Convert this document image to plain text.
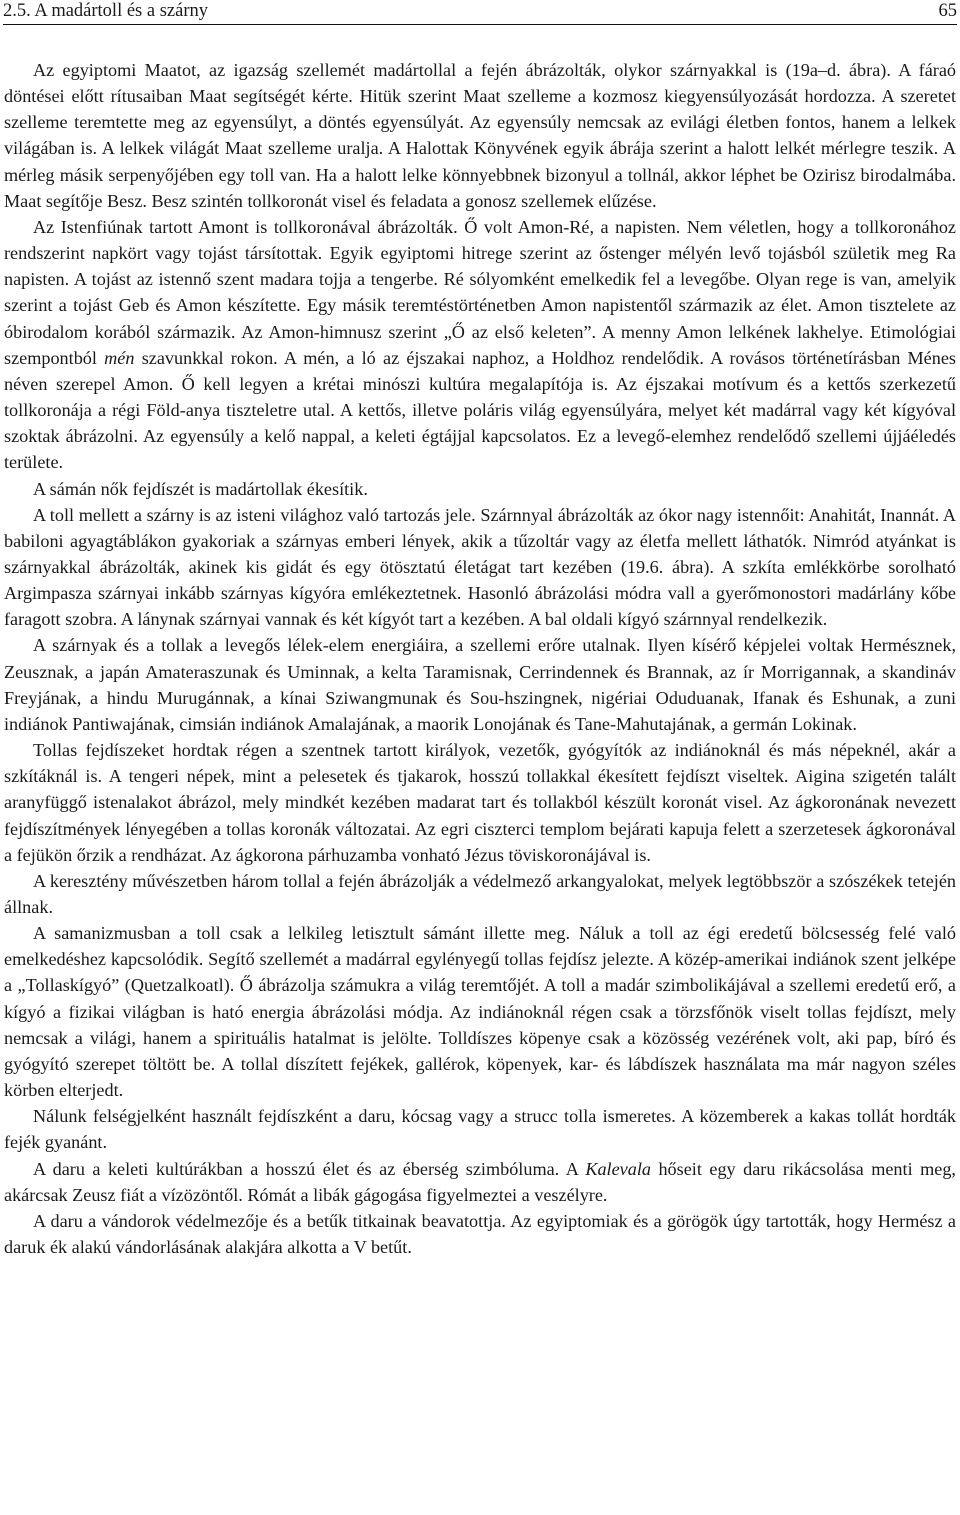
2.5. A madártoll és a szárny	65

Az egyiptomi Maatot, az igazság szellemét madártollal a fején ábrázolták, olykor szárnyakkal is (19a–d. ábra). A fáraó döntései előtt rítusaiban Maat segítségét kérte. Hitük szerint Maat szelleme a kozmosz kiegyensúlyozását hordozza. A szeretet szelleme teremtette meg az egyensúlyt, a döntés egyensúlyát. Az egyensúly nemcsak az evilági életben fontos, hanem a lelkek világában is. A lelkek világát Maat szelleme uralja. A Halottak Könyvének egyik ábrája szerint a halott lelkét mérlegre teszik. A mérleg másik serpenyőjében egy toll van. Ha a halott lelke könnyebbnek bizonyul a tollnál, akkor léphet be Ozirisz birodalmába. Maat segítője Besz. Besz szintén tollkoronát visel és feladata a gonosz szellemek elűzése.

Az Istenfiúnak tartott Amont is tollkoronával ábrázolták. Ő volt Amon-Ré, a napisten. Nem véletlen, hogy a tollkoronához rendszerint napkört vagy tojást társítottak. Egyik egyiptomi hitrege szerint az őstenger mélyén levő tojásból születik meg Ra napisten. A tojást az istennő szent madara tojja a tengerbe. Ré sólyomként emelkedik fel a levegőbe. Olyan rege is van, amelyik szerint a tojást Geb és Amon készítette. Egy másik teremtéstörténetben Amon napistentől származik az élet. Amon tisztelete az óbirodalom korából származik. Az Amon-himnusz szerint „Ő az első keleten”. A menny Amon lelkének lakhelye. Etimológiai szempontból mén szavunkkal rokon. A mén, a ló az éjszakai naphoz, a Holdhoz rendelődik. A rovásos történetírásban Ménes néven szerepel Amon. Ő kell legyen a krétai minószi kultúra megalapítója is. Az éjszakai motívum és a kettős szerkezetű tollkoronája a régi Föld-anya tiszteletre utal. A kettős, illetve poláris világ egyensúlyára, melyet két madárral vagy két kígyóval szoktak ábrázolni. Az egyensúly a kelő nappal, a keleti égtájjal kapcsolatos. Ez a levegő-elemhez rendelődő szellemi újjáéledés területe.

A sámán nők fejdíszét is madártollak ékesítik.

A toll mellett a szárny is az isteni világhoz való tartozás jele. Szárnnyal ábrázolták az ókor nagy istennőit: Anahitát, Inannát. A babiloni agyagtáblákon gyakoriak a szárnyas emberi lények, akik a tűzoltár vagy az életfa mellett láthatók. Nimród atyánkat is szárnyakkal ábrázolták, akinek kis gidát és egy ötösztatú életágat tart kezében (19.6. ábra). A szkíta emlékkörbe sorolható Argimpasza szárnyai inkább szárnyas kígyóra emlékeztetnek. Hasonló ábrázolási módra vall a gyerőmonostori madárlány kőbe faragott szobra. A lánynak szárnyai vannak és két kígyót tart a kezében. A bal oldali kígyó szárnnyal rendelkezik.

A szárnyak és a tollak a levegős lélek-elem energiáira, a szellemi erőre utalnak. Ilyen kísérő képjelei voltak Hermésznek, Zeusznak, a japán Amateraszunak és Uminnak, a kelta Taramisnak, Cerrindennek és Brannak, az ír Morrigannak, a skandináv Freyjának, a hindu Murugánnak, a kínai Sziwangmunak és Sou-hszingnek, nigériai Oduduanak, Ifanak és Eshunak, a zuni indiánok Pantiwajának, cimsián indiánok Amalajának, a maorik Lonojának és Tane-Mahutajának, a germán Lokinak.

Tollas fejdíszeket hordtak régen a szentnek tartott királyok, vezetők, gyógyítók az indiánoknál és más népeknél, akár a szkítáknál is. A tengeri népek, mint a pelesetek és tjakarok, hosszú tollakkal ékesített fejdíszt viseltek. Aigina szigetén talált aranyfüggő istenalakot ábrázol, mely mindkét kezében madarat tart és tollakból készült koronát visel. Az ágkoronának nevezett fejdíszítmények lényegében a tollas koronák változatai. Az egri ciszterci templom bejárati kapuja felett a szerzetesek ágkoronával a fejükön őrzik a rendházat. Az ágkorona párhuzamba vonható Jézus töviskoronájával is.

A keresztény művészetben három tollal a fején ábrázolják a védelmező arkangyalokat, melyek legtöbbször a szószékek tetején állnak.

A samanizmusban a toll csak a lelkileg letisztult sámánt illette meg. Náluk a toll az égi eredetű bölcsesség felé való emelkedéshez kapcsolódik. Segítő szellemét a madárral egylényegű tollas fejdísz jelezte. A közép-amerikai indiánok szent jelképe a „Tollaskígyó” (Quetzalkoatl). Ő ábrázolja számukra a világ teremtőjét. A toll a madár szimbolikájával a szellemi eredetű erő, a kígyó a fizikai világban is ható energia ábrázolási módja. Az indiánoknál régen csak a törzsfőnök viselt tollas fejdíszt, mely nemcsak a világi, hanem a spirituális hatalmat is jelölte. Tolldíszes köpenye csak a közösség vezérének volt, aki pap, bíró és gyógyító szerepet töltött be. A tollal díszített fejékek, gallérok, köpenyek, kar- és lábdíszek használata ma már nagyon széles körben elterjedt.

Nálunk felségjelként használt fejdíszként a daru, kócsag vagy a strucc tolla ismeretes. A közemberek a kakas tollát hordták fejék gyanánt.

A daru a keleti kultúrákban a hosszú élet és az éberség szimbóluma. A Kalevala hőseit egy daru rikácsolása menti meg, akárcsak Zeusz fiát a vízözöntől. Rómát a libák gágogása figyelmeztei a veszélyre.

A daru a vándorok védelmezője és a betűk titkainak beavatottja. Az egyiptomiak és a görögök úgy tartották, hogy Hermész a daruk ék alakú vándorlásának alakjára alkotta a V betűt.
